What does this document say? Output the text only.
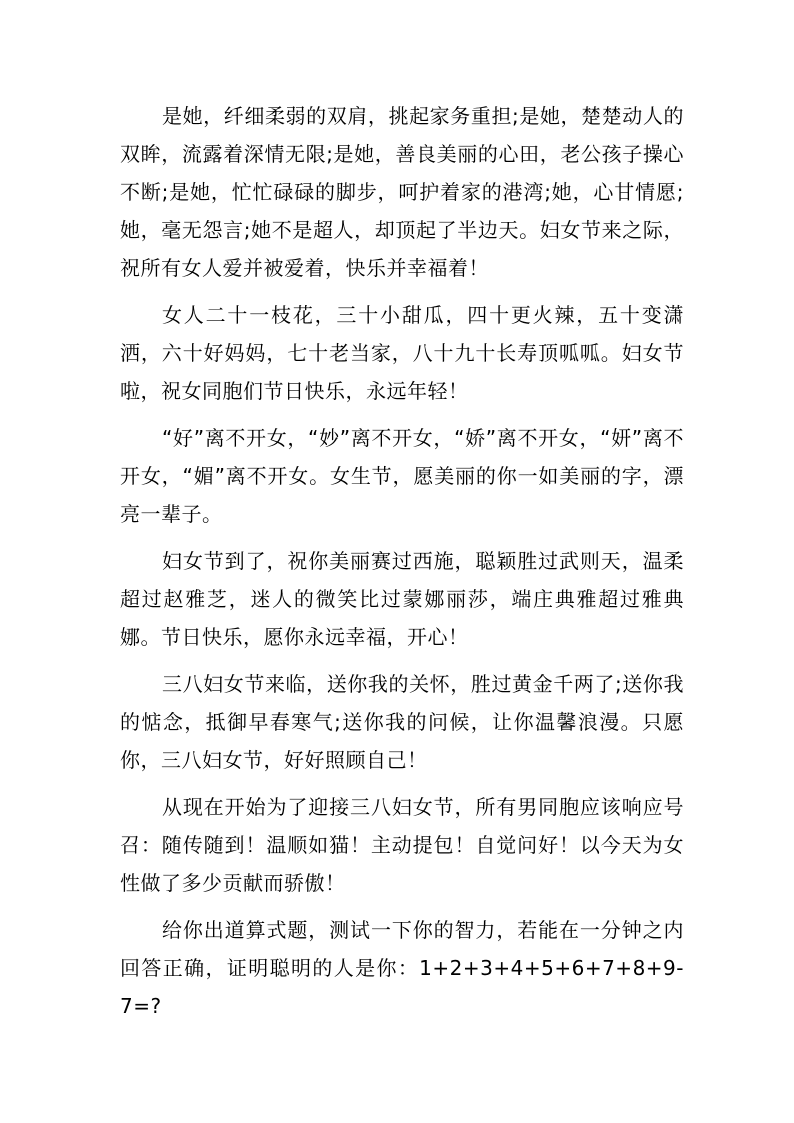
是她，纤细柔弱的双肩，挑起家务重担;是她，楚楚动人的双眸，流露着深情无限;是她，善良美丽的心田，老公孩子操心不断;是她，忙忙碌碌的脚步，呵护着家的港湾;她，心甘情愿;她，毫无怨言;她不是超人，却顶起了半边天。妇女节来之际，祝所有女人爱并被爱着，快乐并幸福着！

女人二十一枝花，三十小甜瓜，四十更火辣，五十变潇洒，六十好妈妈，七十老当家，八十九十长寿顶呱呱。妇女节啦，祝女同胞们节日快乐，永远年轻！

“好”离不开女，“妙”离不开女，“娇”离不开女，“妍”离不开女，“媚”离不开女。女生节，愿美丽的你一如美丽的字，漂亮一辈子。

妇女节到了，祝你美丽赛过西施，聪颖胜过武则天，温柔超过赵雅芝，迷人的微笑比过蒙娜丽莎，端庄典雅超过雅典娜。节日快乐，愿你永远幸福，开心！

三八妇女节来临，送你我的关怀，胜过黄金千两了;送你我的惦念，抵御早春寒气;送你我的问候，让你温馨浪漫。只愿你，三八妇女节，好好照顾自己！

从现在开始为了迎接三八妇女节，所有男同胞应该响应号召：随传随到！温顺如猫！主动提包！自觉问好！以今天为女性做了多少贡献而骄傲！

给你出道算式题，测试一下你的智力，若能在一分钟之内回答正确，证明聪明的人是你：1+2+3+4+5+6+7+8+9-7=?
